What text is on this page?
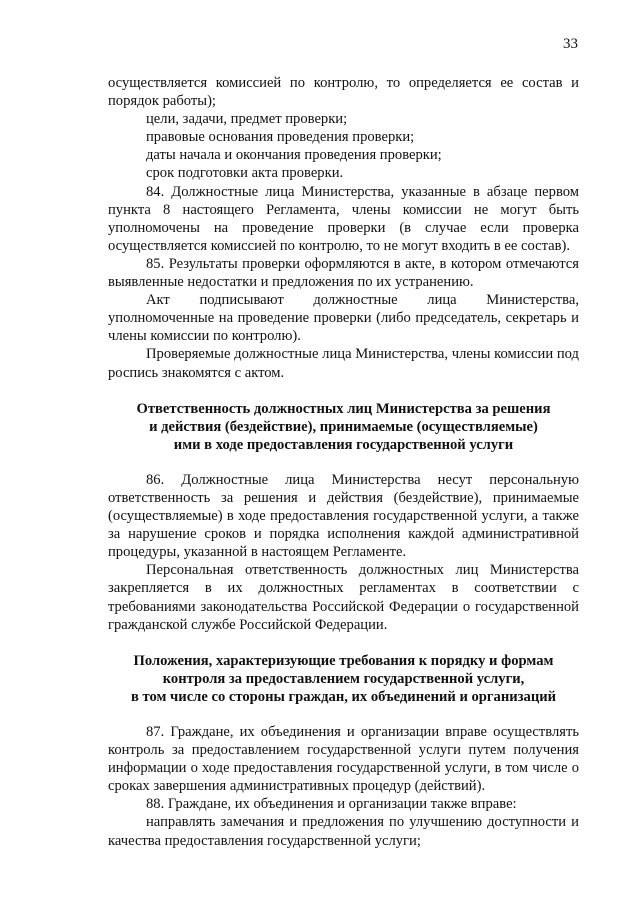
33

осуществляется комиссией по контролю, то определяется ее состав и порядок работы);

цели, задачи, предмет проверки;

правовые основания проведения проверки;

даты начала и окончания проведения проверки;

срок подготовки акта проверки.

84. Должностные лица Министерства, указанные в абзаце первом пункта 8 настоящего Регламента, члены комиссии не могут быть уполномочены на проведение проверки (в случае если проверка осуществляется комиссией по контролю, то не могут входить в ее состав).

85. Результаты проверки оформляются в акте, в котором отмечаются выявленные недостатки и предложения по их устранению.

Акт подписывают должностные лица Министерства, уполномоченные на проведение проверки (либо председатель, секретарь и члены комиссии по контролю).

Проверяемые должностные лица Министерства, члены комиссии под роспись знакомятся с актом.

Ответственность должностных лиц Министерства за решения
и действия (бездействие), принимаемые (осуществляемые)
ими в ходе предоставления государственной услуги

86. Должностные лица Министерства несут персональную ответственность за решения и действия (бездействие), принимаемые (осуществляемые) в ходе предоставления государственной услуги, а также за нарушение сроков и порядка исполнения каждой административной процедуры, указанной в настоящем Регламенте.

Персональная ответственность должностных лиц Министерства закрепляется в их должностных регламентах в соответствии с требованиями законодательства Российской Федерации о государственной гражданской службе Российской Федерации.

Положения, характеризующие требования к порядку и формам
контроля за предоставлением государственной услуги,
в том числе со стороны граждан, их объединений и организаций

87. Граждане, их объединения и организации вправе осуществлять контроль за предоставлением государственной услуги путем получения информации о ходе предоставления государственной услуги, в том числе о сроках завершения административных процедур (действий).

88. Граждане, их объединения и организации также вправе:

направлять замечания и предложения по улучшению доступности и качества предоставления государственной услуги;
